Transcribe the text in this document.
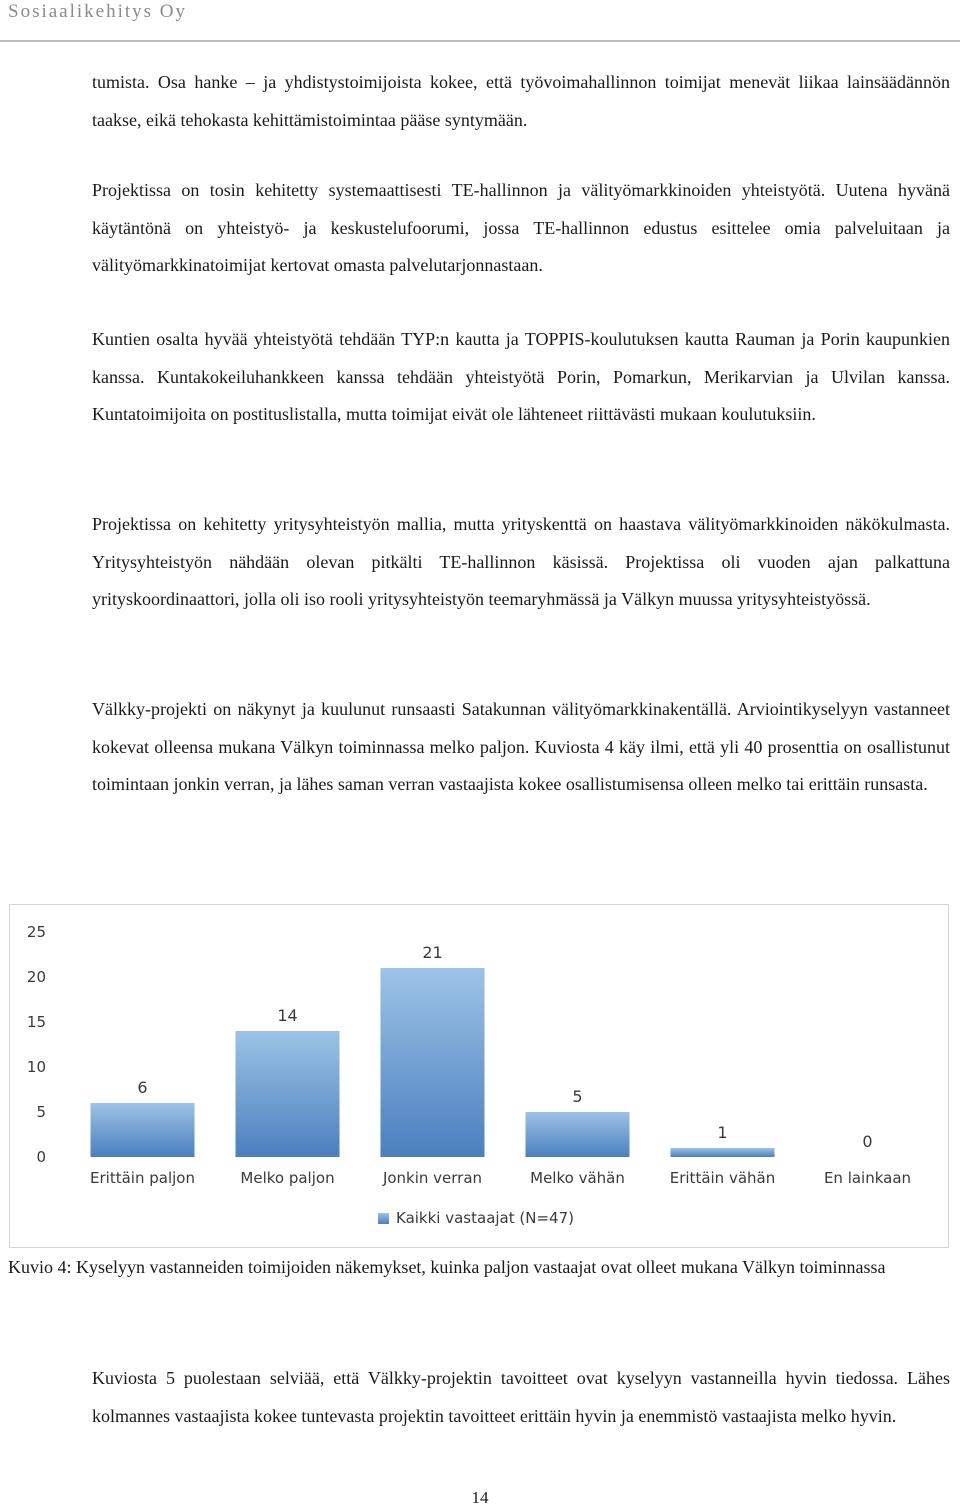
Sosiaalikehitys Oy

tumista. Osa hanke – ja yhdistystoimijoista kokee, että työvoimahallinnon toimijat menevät liikaa lainsäädännön taakse, eikä tehokasta kehittämistoimintaa pääse syntymään.

Projektissa on tosin kehitetty systemaattisesti TE-hallinnon ja välityömarkkinoiden yhteistyötä. Uutena hyvänä käytäntönä on yhteistyö- ja keskustelufoorumi, jossa TE-hallinnon edustus esittelee omia palveluitaan ja välityömarkkinatoimijat kertovat omasta palvelutarjonnastaan.

Kuntien osalta hyvää yhteistyötä tehdään TYP:n kautta ja TOPPIS-koulutuksen kautta Rauman ja Porin kaupunkien kanssa. Kuntakokeiluhankkeen kanssa tehdään yhteistyötä Porin, Pomarkun, Merikarvian ja Ulvilan kanssa. Kuntatoimijoita on postituslistalla, mutta toimijat eivät ole lähteneet riittävästi mukaan koulutuksiin.

Projektissa on kehitetty yritysyhteistyön mallia, mutta yrityskenttä on haastava välityömarkkinoiden näkökulmasta. Yritysyhteistyön nähdään olevan pitkälti TE-hallinnon käsissä. Projektissa oli vuoden ajan palkattuna yrityskoordinaattori, jolla oli iso rooli yritysyhteistyön teemaryhmässä ja Välkyn muussa yritysyhteistyössä.

Välkky-projekti on näkynyt ja kuulunut runsaasti Satakunnan välityömarkkinakentällä. Arviointikyselyyn vastanneet kokevat olleensa mukana Välkyn toiminnassa melko paljon. Kuviosta 4 käy ilmi, että yli 40 prosenttia on osallistunut toimintaan jonkin verran, ja lähes saman verran vastaajista kokee osallistumisensa olleen melko tai erittäin runsasta.

0
5
10
15
20
25
6
14
21
5
1	0
Erittäin paljon	Melko paljon	Jonkin verran	Melko vähän	Erittäin vähän	En lainkaan
Kaikki vastaajat (N=47)

Kuvio 4: Kyselyyn vastanneiden toimijoiden näkemykset, kuinka paljon vastaajat ovat olleet mukana Välkyn toiminnassa

Kuviosta 5 puolestaan selviää, että Välkky-projektin tavoitteet ovat kyselyyn vastanneilla hyvin tiedossa. Lähes kolmannes vastaajista kokee tuntevasta projektin tavoitteet erittäin hyvin ja enemmistö vastaajista melko hyvin.

14
